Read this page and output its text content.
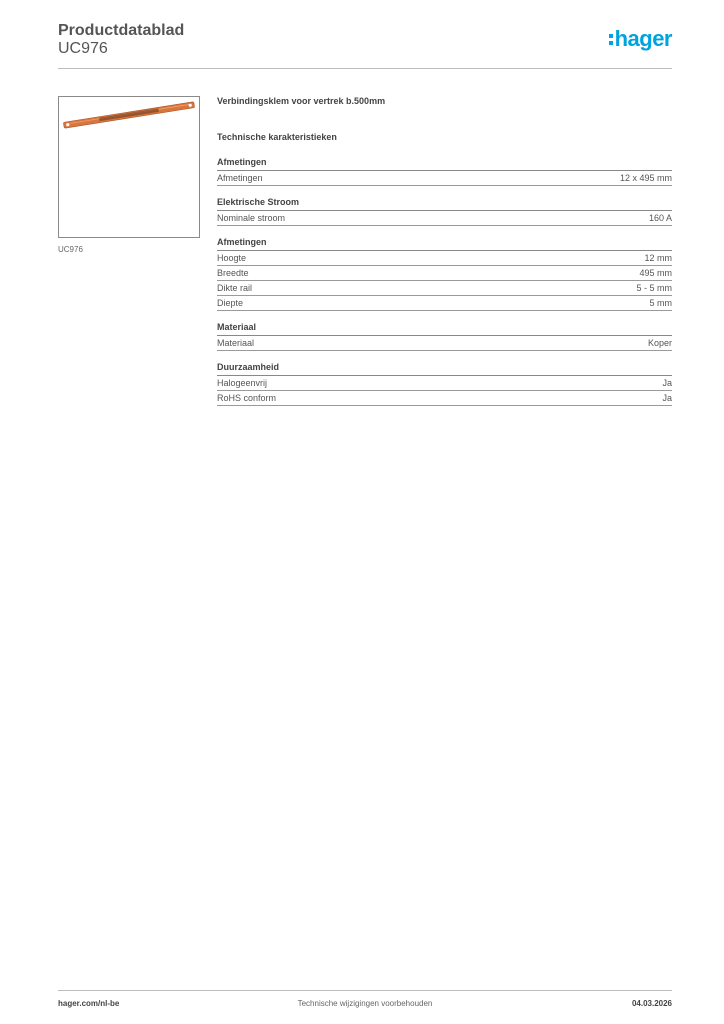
Productdatablad
UC976	hager
UC976
Verbindingsklem voor vertrek b.500mm
Technische karakteristieken
Afmetingen
Afmetingen	12 x 495 mm
Elektrische Stroom
Nominale stroom	160 A
Afmetingen
Hoogte	12 mm
Breedte	495 mm
Dikte rail	5 - 5 mm
Diepte	5 mm
Materiaal
Materiaal	Koper
Duurzaamheid
Halogeenvrij	Ja
RoHS conform	Ja
hager.com/nl-be	Technische wijzigingen voorbehouden	04.03.2026
